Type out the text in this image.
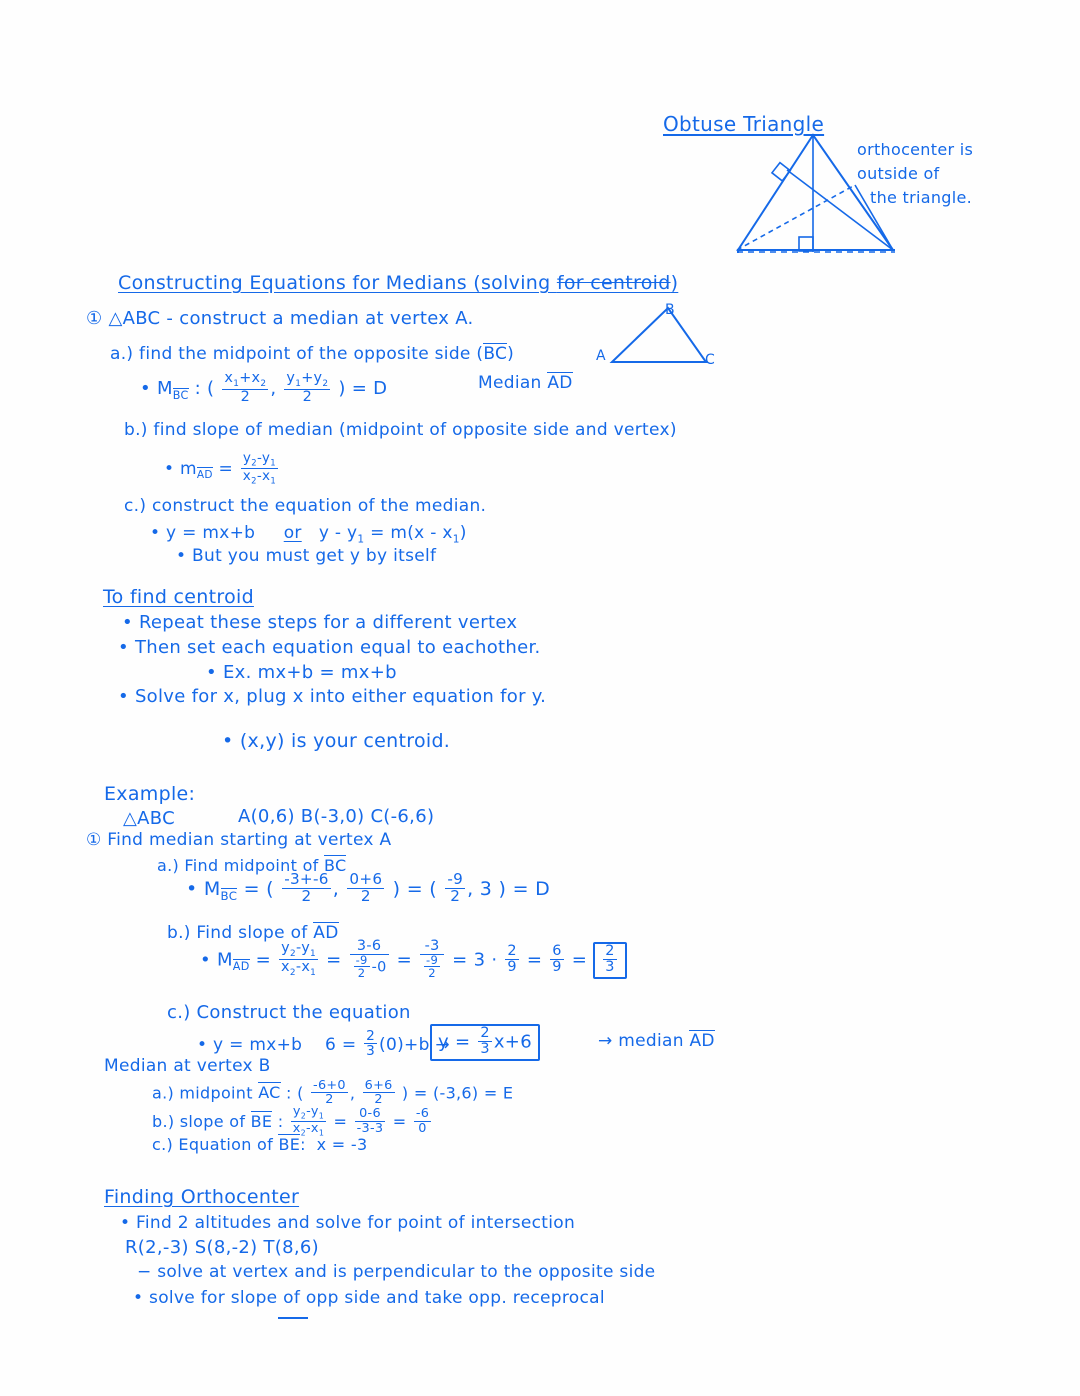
Obtuse Triangle
orthocenter is
outside of
the triangle.
Constructing Equations for Medians (solving for centroid)
① △ABC - construct a median at vertex A.
a.) find the midpoint of the opposite side (BC)
• $M_{BC}$ : ( $\frac{x_1+x_2}{2}$ , $\frac{y_1+y_2}{2}$ ) = D	Median AD
A
B
C
b.) find slope of median (midpoint of opposite side and vertex)
• $m_{AD} = \frac{y_2-y_1}{x_2-x_1}$
c.) construct the equation of the median.
• y = mx+b     or   $y - y_1 = m(x - x_1)$
• But you must get y by itself
To find centroid
• Repeat these steps for a different vertex
• Then set each equation equal to eachother.
• Ex. mx+b = mx+b
• Solve for x, plug x into either equation for y.
• (x,y) is your centroid.
Example:
△ABC	A(0,6) B(-3,0) C(-6,6)
① Find median starting at vertex A
a.) Find midpoint of BC
• $M_{BC}$ = ( $\frac{-3+-6}{2}$ , $\frac{0+6}{2}$ ) = ( $\frac{-9}{2}$ , 3 ) = D
b.) Find slope of AD
• $M_{AD} = \frac{y_2-y_1}{x_2-x_1} = \frac{3-6}{\frac{-9}{2} -0} = \frac{-3}{\frac{-9}{2}} = 3 \cdot \frac{2}{9} = \frac{6}{9} = \frac{2}{3}$
c.) Construct the equation
• y = mx+b    $6 = \frac{2}{3} (0)+b$ →
$y = \frac{2}{3} x+6$	→ median AD
Median at vertex B
a.) midpoint AC : ( $\frac{-6+0}{2}$ , $\frac{6+6}{2}$ ) = (-3,6) = E
b.) slope of BE : $\frac{y_2-y_1}{x_2-x_1} = \frac{0-6}{-3-3} = \frac{-6}{0}$
c.) Equation of BE:  x = -3
Finding Orthocenter
• Find 2 altitudes and solve for point of intersection
R(2,-3) S(8,-2) T(8,6)
− solve at vertex and is perpendicular to the opposite side
• solve for slope of opp side and take opp. receprocal
